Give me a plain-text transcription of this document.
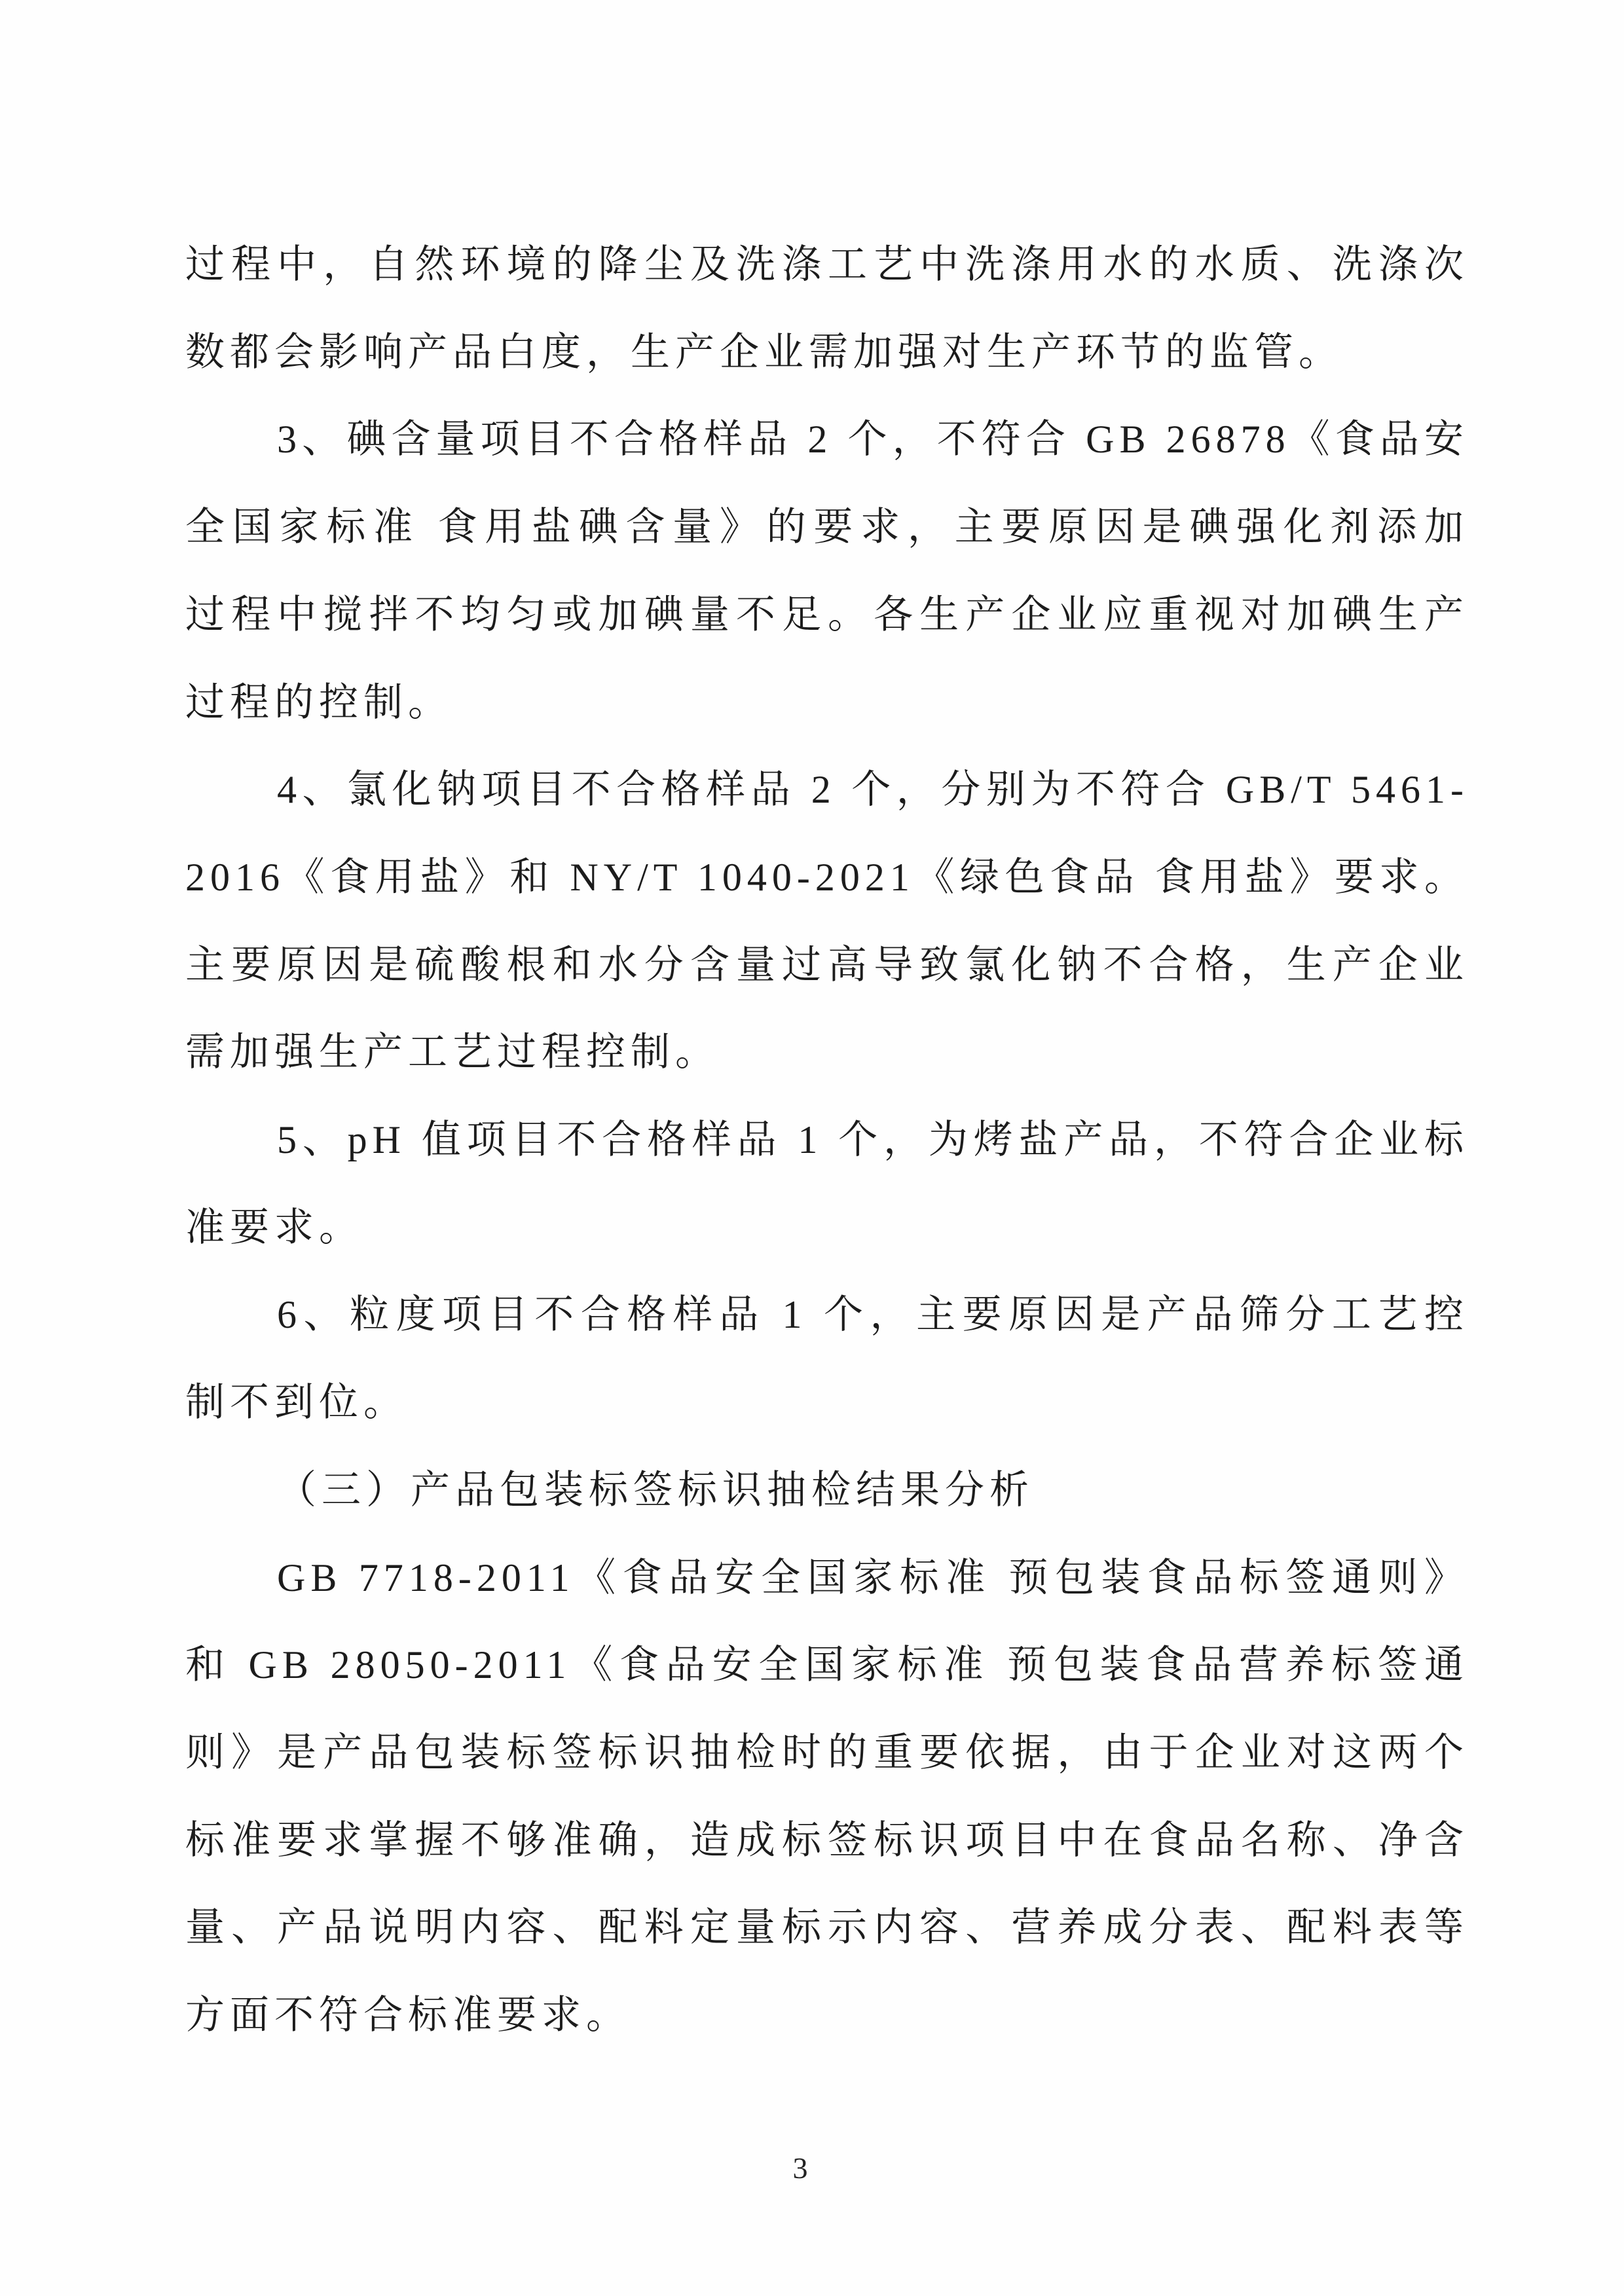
过程中，自然环境的降尘及洗涤工艺中洗涤用水的水质、洗涤次
数都会影响产品白度，生产企业需加强对生产环节的监管。
3、碘含量项目不合格样品 2 个，不符合 GB 26878《食品安
全国家标准 食用盐碘含量》的要求，主要原因是碘强化剂添加
过程中搅拌不均匀或加碘量不足。各生产企业应重视对加碘生产
过程的控制。
4、氯化钠项目不合格样品 2 个，分别为不符合 GB/T 5461-
2016《食用盐》和 NY/T 1040-2021《绿色食品 食用盐》要求。
主要原因是硫酸根和水分含量过高导致氯化钠不合格，生产企业
需加强生产工艺过程控制。
5、pH 值项目不合格样品 1 个，为烤盐产品，不符合企业标
准要求。
6、粒度项目不合格样品 1 个，主要原因是产品筛分工艺控
制不到位。
（三）产品包装标签标识抽检结果分析
GB 7718-2011《食品安全国家标准 预包装食品标签通则》
和 GB 28050-2011《食品安全国家标准 预包装食品营养标签通
则》是产品包装标签标识抽检时的重要依据，由于企业对这两个
标准要求掌握不够准确，造成标签标识项目中在食品名称、净含
量、产品说明内容、配料定量标示内容、营养成分表、配料表等
方面不符合标准要求。
3
